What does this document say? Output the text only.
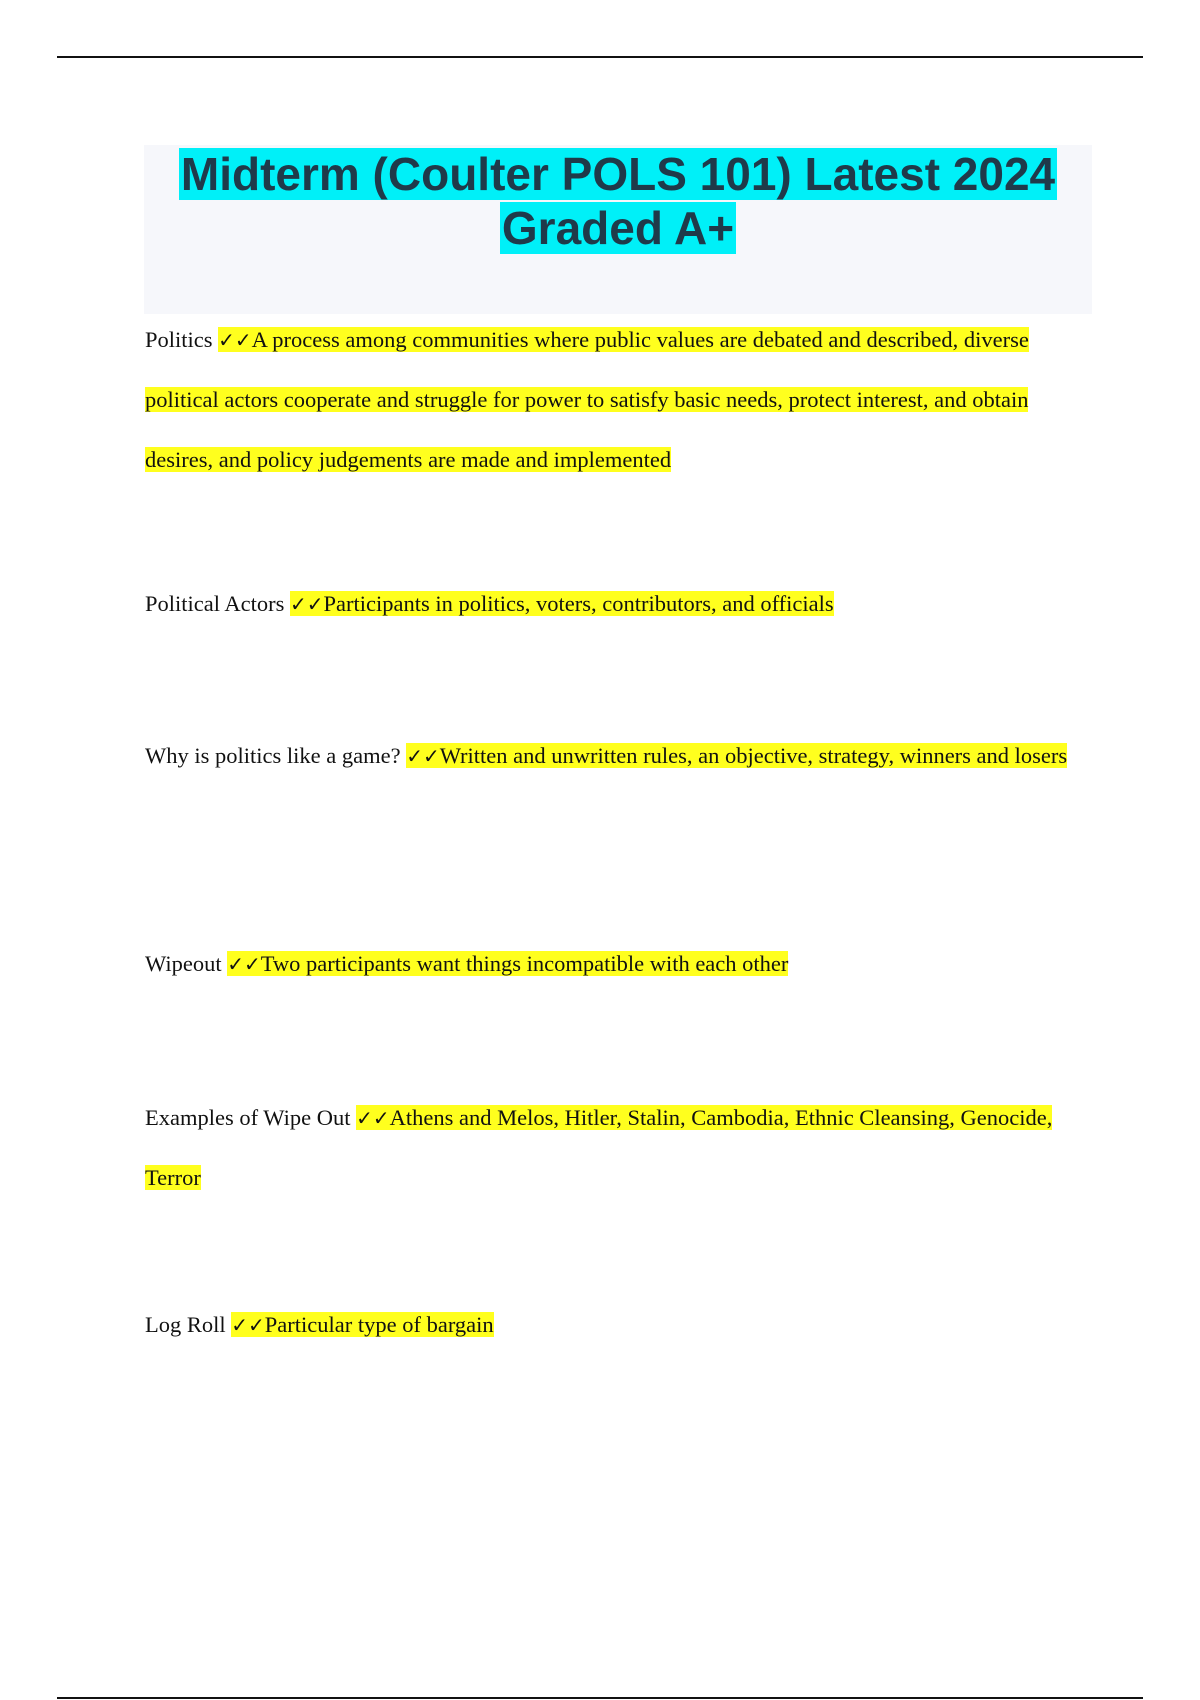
Midterm (Coulter POLS 101) Latest 2024
Graded A+
Politics ✓✓A process among communities where public values are debated and described, diverse political actors cooperate and struggle for power to satisfy basic needs, protect interest, and obtain desires, and policy judgements are made and implemented
Political Actors ✓✓Participants in politics, voters, contributors, and officials
Why is politics like a game? ✓✓Written and unwritten rules, an objective, strategy, winners and losers
Wipeout ✓✓Two participants want things incompatible with each other
Examples of Wipe Out ✓✓Athens and Melos, Hitler, Stalin, Cambodia, Ethnic Cleansing, Genocide, Terror
Log Roll ✓✓Particular type of bargain
